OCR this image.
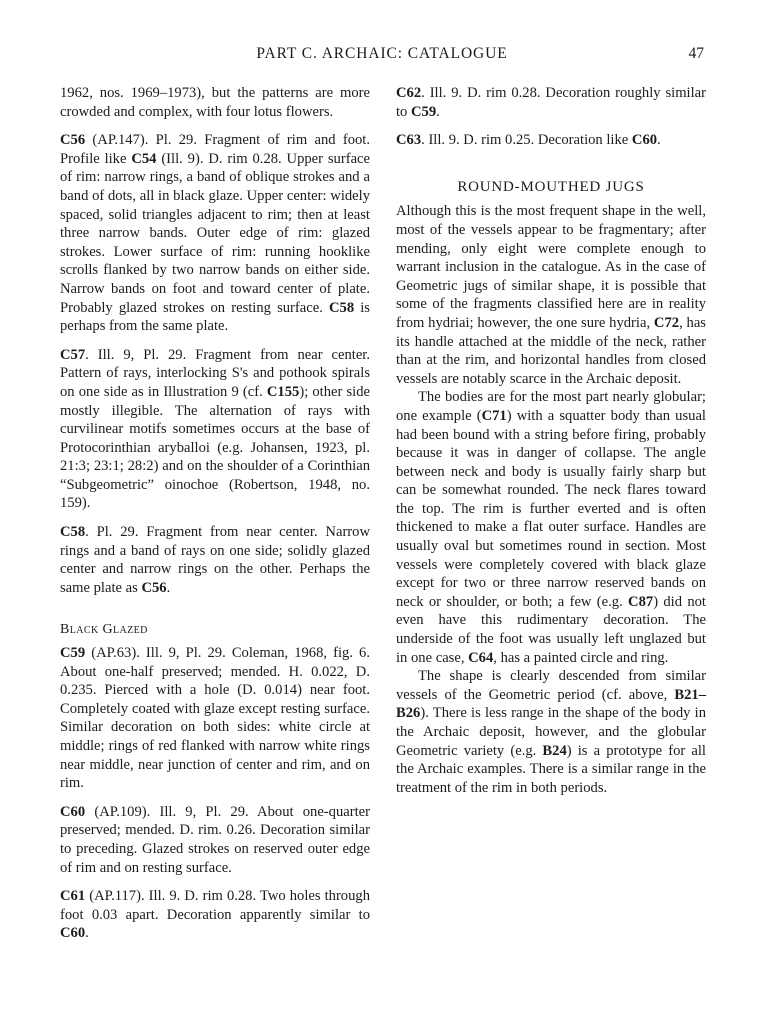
PART C. ARCHAIC: CATALOGUE	47

1962, nos. 1969–1973), but the patterns are more crowded and complex, with four lotus flowers.

C56 (AP.147). Pl. 29. Fragment of rim and foot. Profile like C54 (Ill. 9). D. rim 0.28. Upper surface of rim: narrow rings, a band of oblique strokes and a band of dots, all in black glaze. Upper center: widely spaced, solid triangles adjacent to rim; then at least three narrow bands. Outer edge of rim: glazed strokes. Lower surface of rim: running hooklike scrolls flanked by two narrow bands on either side. Narrow bands on foot and toward center of plate. Probably glazed strokes on resting surface. C58 is perhaps from the same plate.

C57. Ill. 9, Pl. 29. Fragment from near center. Pattern of rays, interlocking S's and pothook spirals on one side as in Illustration 9 (cf. C155); other side mostly illegible. The alternation of rays with curvilinear motifs sometimes occurs at the base of Protocorinthian aryballoi (e.g. Johansen, 1923, pl. 21:3; 23:1; 28:2) and on the shoulder of a Corinthian “Subgeometric” oinochoe (Robertson, 1948, no. 159).

C58. Pl. 29. Fragment from near center. Narrow rings and a band of rays on one side; solidly glazed center and narrow rings on the other. Perhaps the same plate as C56.

Black Glazed

C59 (AP.63). Ill. 9, Pl. 29. Coleman, 1968, fig. 6. About one-half preserved; mended. H. 0.022, D. 0.235. Pierced with a hole (D. 0.014) near foot. Completely coated with glaze except resting surface. Similar decoration on both sides: white circle at middle; rings of red flanked with narrow white rings near middle, near junction of center and rim, and on rim.

C60 (AP.109). Ill. 9, Pl. 29. About one-quarter preserved; mended. D. rim. 0.26. Decoration similar to preceding. Glazed strokes on reserved outer edge of rim and on resting surface.

C61 (AP.117). Ill. 9. D. rim 0.28. Two holes through foot 0.03 apart. Decoration apparently similar to C60.

C62. Ill. 9. D. rim 0.28. Decoration roughly similar to C59.

C63. Ill. 9. D. rim 0.25. Decoration like C60.

ROUND-MOUTHED JUGS

Although this is the most frequent shape in the well, most of the vessels appear to be fragmentary; after mending, only eight were complete enough to warrant inclusion in the catalogue. As in the case of Geometric jugs of similar shape, it is possible that some of the fragments classified here are in reality from hydriai; however, the one sure hydria, C72, has its handle attached at the middle of the neck, rather than at the rim, and horizontal handles from closed vessels are notably scarce in the Archaic deposit.

The bodies are for the most part nearly globular; one example (C71) with a squatter body than usual had been bound with a string before firing, probably because it was in danger of collapse. The angle between neck and body is usually fairly sharp but can be somewhat rounded. The neck flares toward the top. The rim is further everted and is often thickened to make a flat outer surface. Handles are usually oval but sometimes round in section. Most vessels were completely covered with black glaze except for two or three narrow reserved bands on neck or shoulder, or both; a few (e.g. C87) did not even have this rudimentary decoration. The underside of the foot was usually left unglazed but in one case, C64, has a painted circle and ring.

The shape is clearly descended from similar vessels of the Geometric period (cf. above, B21–B26). There is less range in the shape of the body in the Archaic deposit, however, and the globular Geometric variety (e.g. B24) is a prototype for all the Archaic examples. There is a similar range in the treatment of the rim in both periods.
